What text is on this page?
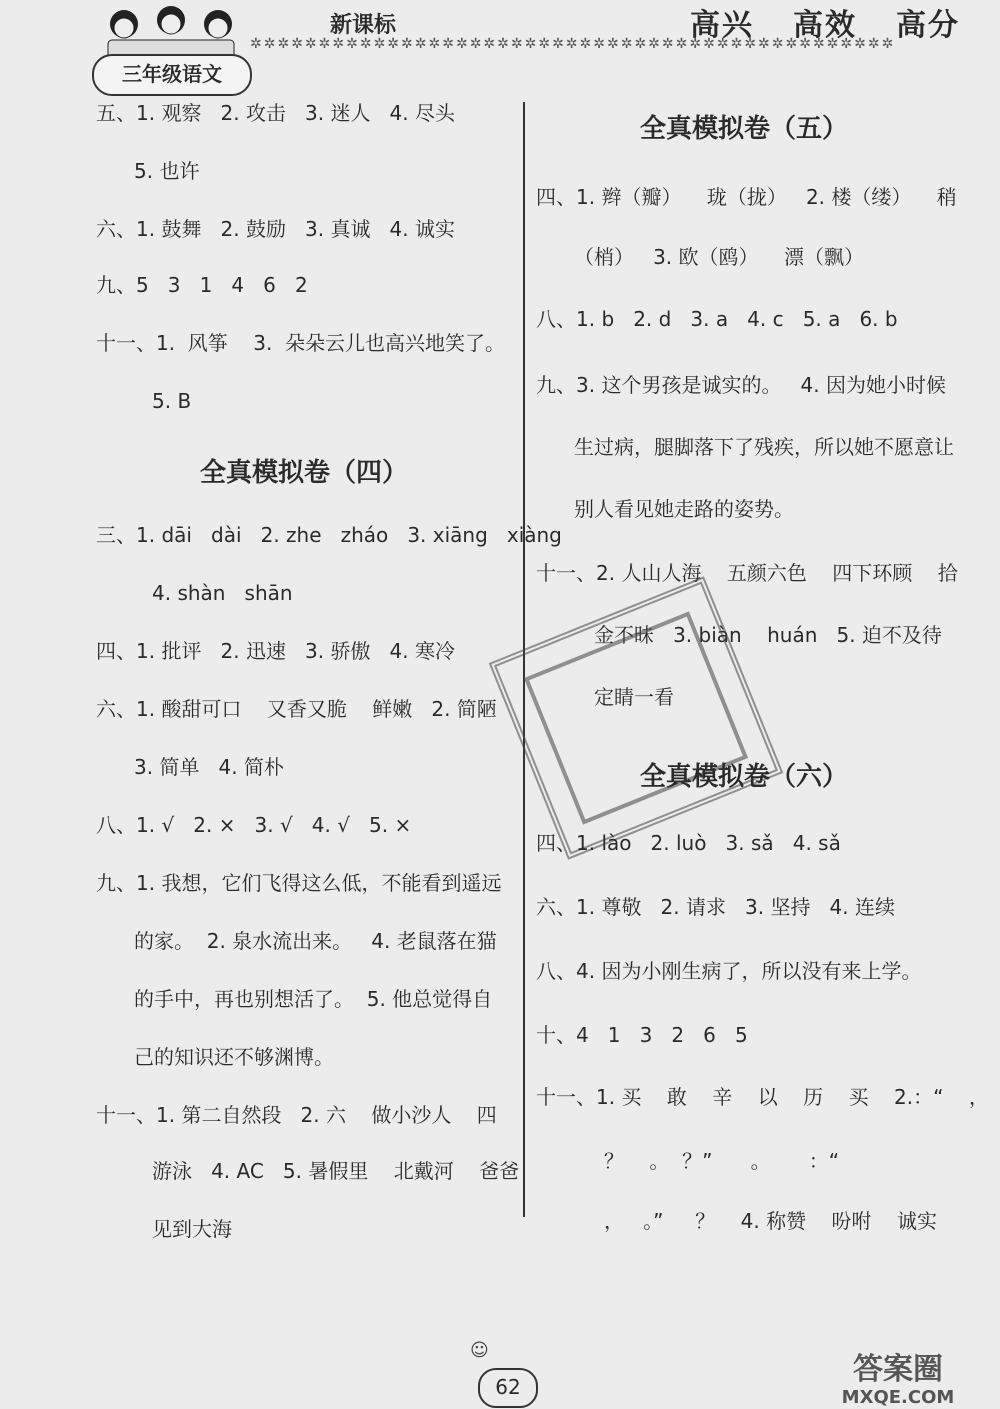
三年级语文
新课标	高兴 高效 高分
✲✲✲✲✲✲✲✲✲✲✲✲✲✲✲✲✲✲✲✲✲✲✲✲✲✲✲✲✲✲✲✲✲✲✲✲✲✲✲✲✲✲✲✲✲✲✲
五、1. 观察   2. 攻击   3. 迷人   4. 尽头
5. 也许
六、1. 鼓舞   2. 鼓励   3. 真诚   4. 诚实
九、5   3   1   4   6   2
十一、1.  风筝    3.  朵朵云儿也高兴地笑了。
5. B
全真模拟卷（四）
三、1. dāi   dài   2. zhe   zháo   3. xiāng   xiàng
4. shàn   shān
四、1. 批评   2. 迅速   3. 骄傲   4. 寒冷
六、1. 酸甜可口    又香又脆    鲜嫩   2. 简陋
3. 简单   4. 简朴
八、1. √   2. ×   3. √   4. √   5. ×
九、1. 我想，它们飞得这么低，不能看到遥远
的家。  2. 泉水流出来。   4. 老鼠落在猫
的手中，再也别想活了。  5. 他总觉得自
己的知识还不够渊博。
十一、1. 第二自然段   2. 六    做小沙人    四
游泳   4. AC   5. 暑假里    北戴河    爸爸
见到大海
全真模拟卷（五）
四、1. 辫（瓣）    珑（拢）   2. 楼（缕）    稍
（梢）   3. 欧（鸥）    漂（飘）
八、1. b   2. d   3. a   4. c   5. a   6. b
九、3. 这个男孩是诚实的。   4. 因为她小时候
生过病，腿脚落下了残疾，所以她不愿意让
别人看见她走路的姿势。
十一、2. 人山人海    五颜六色    四下环顾    拾
金不昧   3. biàn    huán   5. 迫不及待
定睛一看
全真模拟卷（六）
四、1. lào   2. luò   3. sǎ   4. sǎ
六、1. 尊敬   2. 请求   3. 坚持   4. 连续
八、4. 因为小刚生病了，所以没有来上学。
十、4   1   3   2   6   5
十一、1. 买    敢    辛    以    历    买    2.：“    ，
？    。  ？”      。      ：“
，   。”     ？    4. 称赞    吩咐    诚实
☺
62	答案圈
MXQE.COM
